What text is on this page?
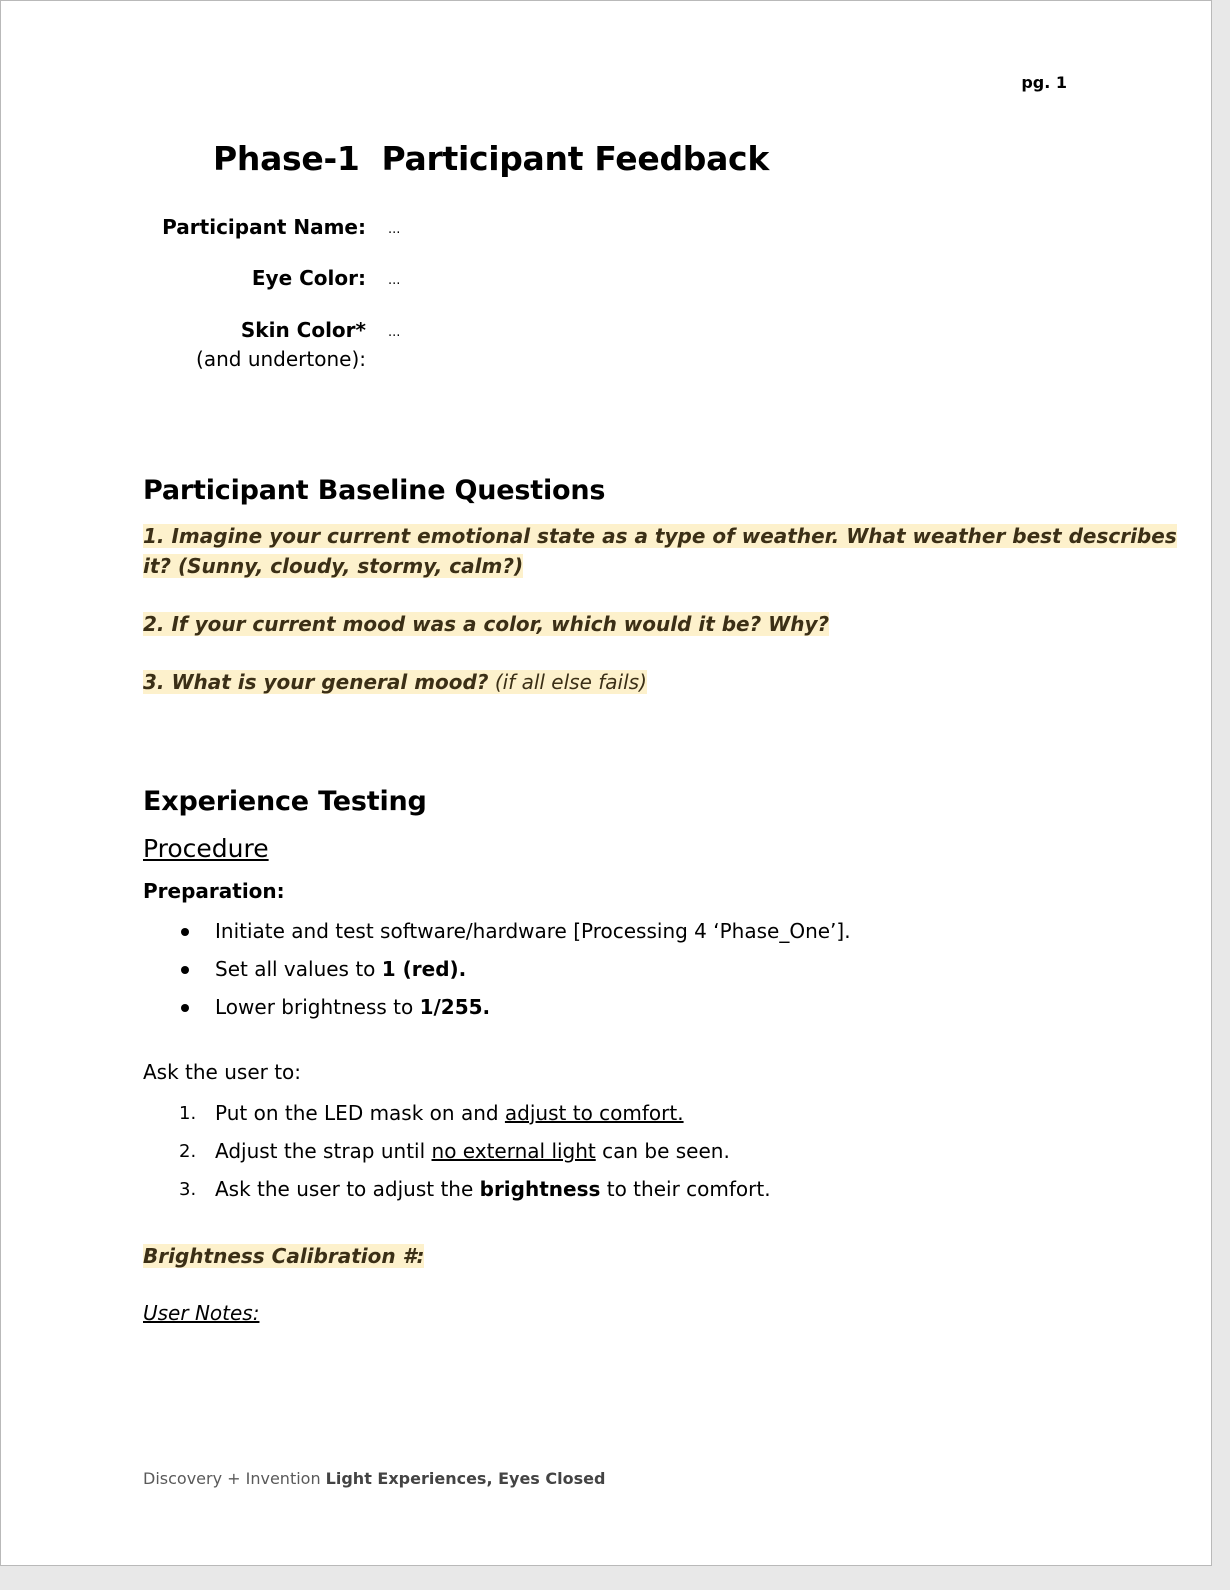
pg. 1
Phase-1 Participant Feedback
Participant Name: ...
Eye Color: ...
Skin Color*
(and undertone):
...
Participant Baseline Questions

1. Imagine your current emotional state as a type of weather. What weather best describes
it? (Sunny, cloudy, stormy, calm?)

2. If your current mood was a color, which would it be? Why?

3. What is your general mood? (if all else fails)

Experience Testing

Procedure

Preparation:

Initiate and test software/hardware [Processing 4 ‘Phase_One’].
Set all values to 1 (red).
Lower brightness to 1/255.

Ask the user to:

1. Put on the LED mask on and adjust to comfort.
2. Adjust the strap until no external light can be seen.
3. Ask the user to adjust the brightness to their comfort.

Brightness Calibration #:

User Notes:

Discovery + Invention Light Experiences, Eyes Closed
